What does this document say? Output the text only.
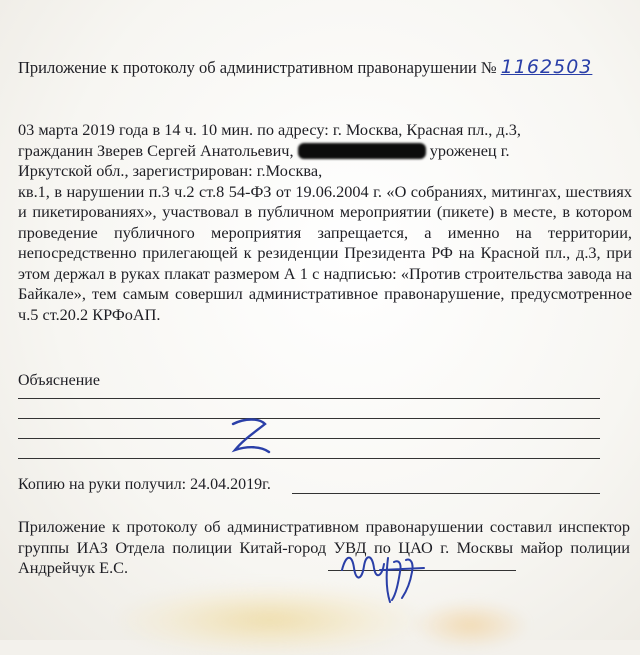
Приложение к протоколу об административном правонарушении № 1162503

03 марта 2019 года в 14 ч. 10 мин. по адресу: г. Москва, Красная пл., д.3,

гражданин Зверев Сергей Анатольевич,	уроженец г.

Иркутской обл., зарегистрирован: г.Москва,

кв.1, в нарушении п.3 ч.2 ст.8 54-ФЗ от 19.06.2004 г. «О собраниях, митингах, шествиях и пикетированиях», участвовал в публичном мероприятии (пикете) в месте, в котором проведение публичного мероприятия запрещается, а именно на территории, непосредственно прилегающей к резиденции Президента РФ на Красной пл., д.3, при этом держал в руках плакат размером А 1 с надписью: «Против строительства завода на Байкале», тем самым совершил административное правонарушение, предусмотренное ч.5 ст.20.2 КРФоАП.

Объяснение
Копию на руки получил: 24.04.2019г.

Приложение к протоколу об административном правонарушении составил инспектор группы ИАЗ Отдела полиции Китай-город УВД по ЦАО г. Москвы майор полиции Андрейчук Е.С.
